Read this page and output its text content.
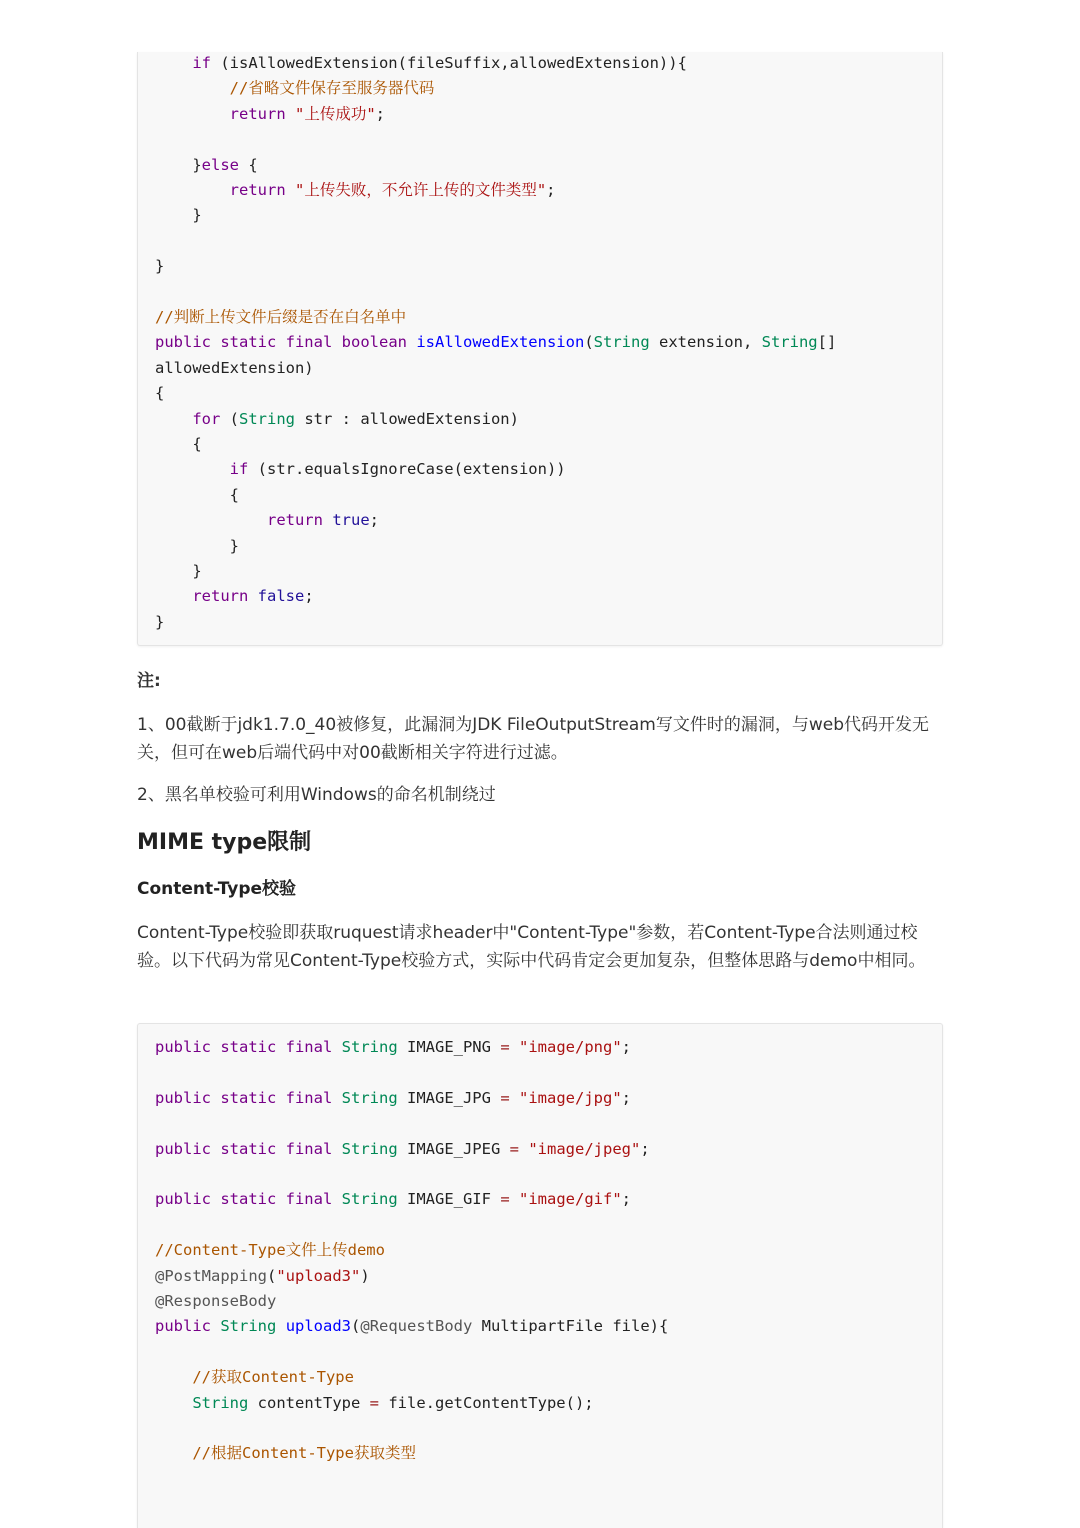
if (isAllowedExtension(fileSuffix,allowedExtension)){
//省略文件保存至服务器代码
return "上传成功";
}else {
return "上传失败，不允许上传的文件类型";
}
}
//判断上传文件后缀是否在白名单中
public static final boolean isAllowedExtension(String extension, String[]
allowedExtension)
{
for (String str : allowedExtension)
{
if (str.equalsIgnoreCase(extension))
{
return true;
}
}
return false;
}
注:
1、00截断于jdk1.7.0_40被修复，此漏洞为JDK FileOutputStream写文件时的漏洞，与web代码开发无关，但可在web后端代码中对00截断相关字符进行过滤。
2、黑名单校验可利用Windows的命名机制绕过
MIME type限制
Content-Type校验
Content-Type校验即获取ruquest请求header中"Content-Type"参数，若Content-Type合法则通过校验。以下代码为常见Content-Type校验方式，实际中代码肯定会更加复杂，但整体思路与demo中相同。
public static final String IMAGE_PNG = "image/png";
public static final String IMAGE_JPG = "image/jpg";
public static final String IMAGE_JPEG = "image/jpeg";
public static final String IMAGE_GIF = "image/gif";
//Content-Type文件上传demo
@PostMapping("upload3")
@ResponseBody
public String upload3(@RequestBody MultipartFile file){
//获取Content-Type
String contentType = file.getContentType();
//根据Content-Type获取类型
